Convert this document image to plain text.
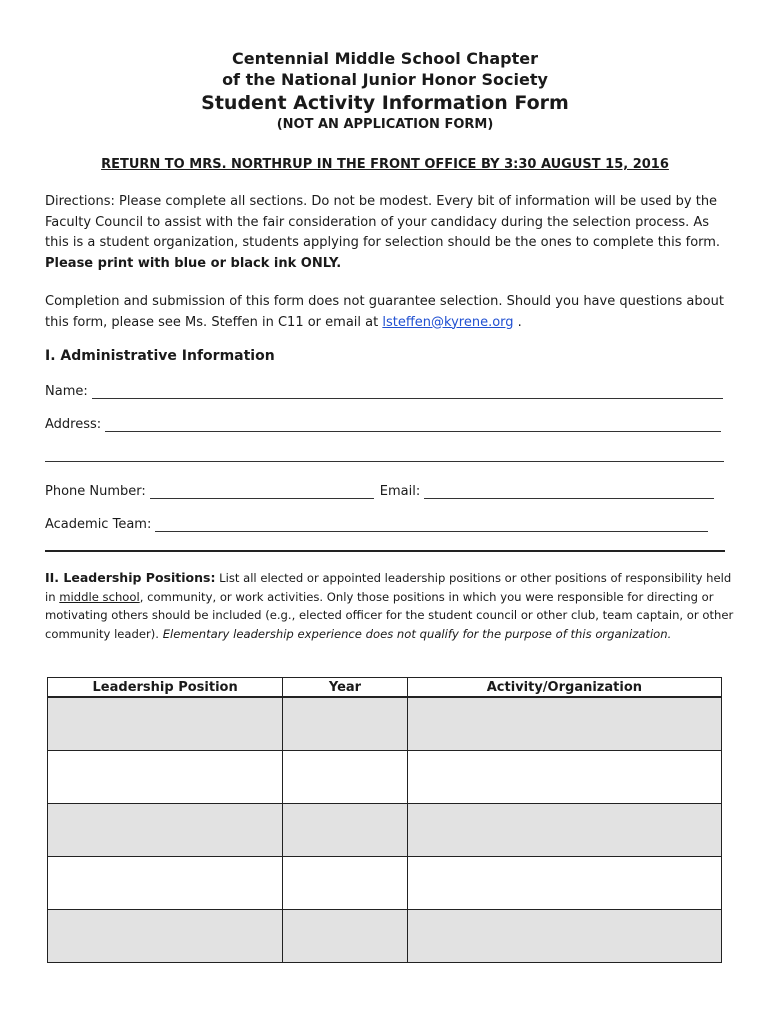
Centennial Middle School Chapter
of the National Junior Honor Society
Student Activity Information Form
(NOT AN APPLICATION FORM)
RETURN TO MRS. NORTHRUP IN THE FRONT OFFICE BY 3:30 AUGUST 15, 2016
Directions: Please complete all sections. Do not be modest. Every bit of information will be used by the Faculty Council to assist with the fair consideration of your candidacy during the selection process. As this is a student organization, students applying for selection should be the ones to complete this form. Please print with blue or black ink ONLY.
Completion and submission of this form does not guarantee selection. Should you have questions about this form, please see Ms. Steffen in C11 or email at lsteffen@kyrene.org .
I. Administrative Information
Name:
Address:
Phone Number:	Email:
Academic Team:
II. Leadership Positions: List all elected or appointed leadership positions or other positions of responsibility held in middle school, community, or work activities. Only those positions in which you were responsible for directing or motivating others should be included (e.g., elected officer for the student council or other club, team captain, or other community leader). Elementary leadership experience does not qualify for the purpose of this organization.
Leadership Position	Year	Activity/Organization
